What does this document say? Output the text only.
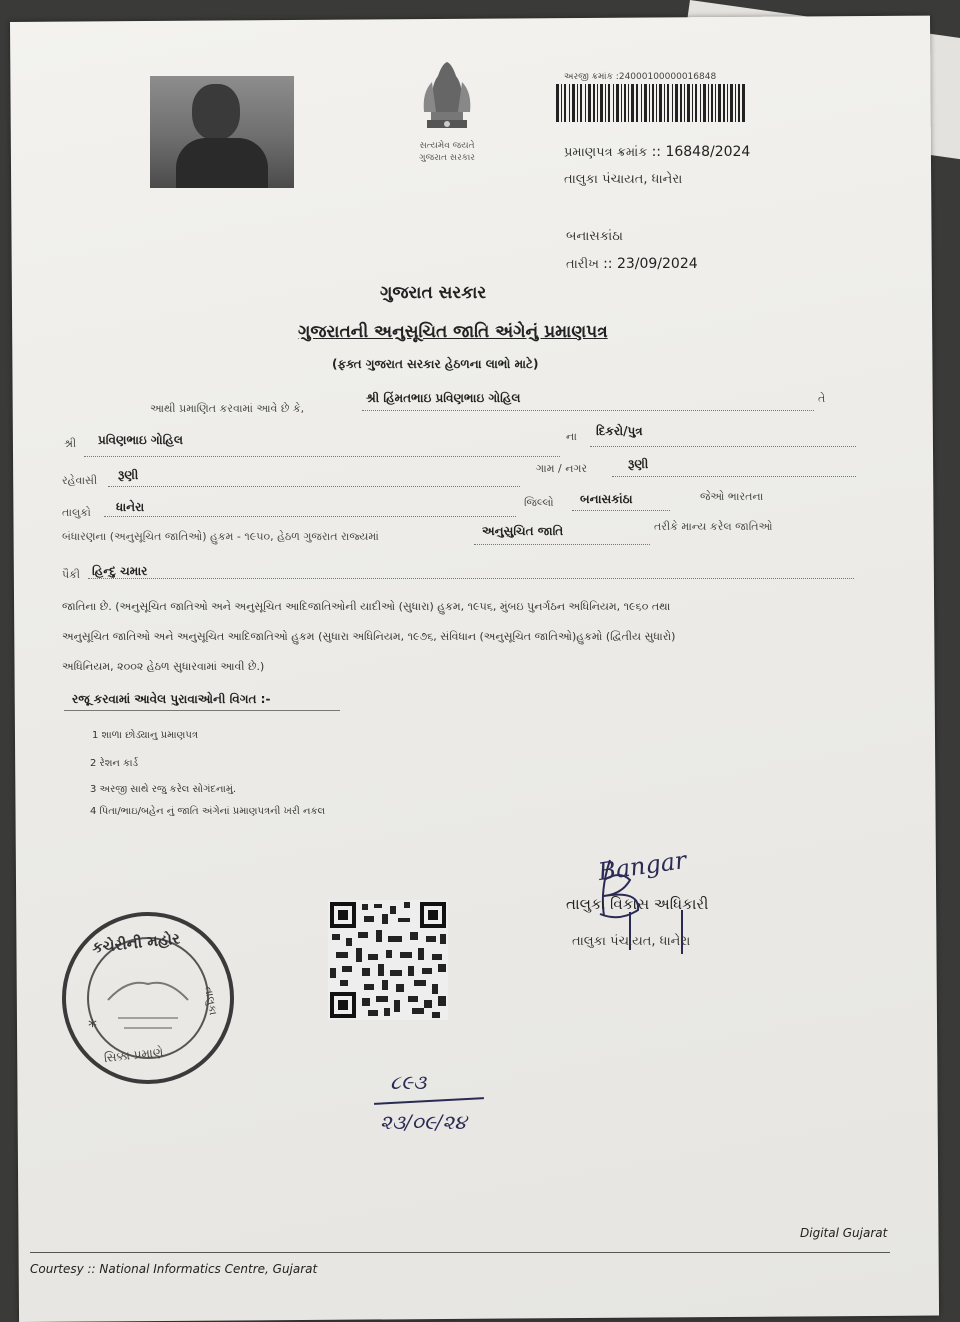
સત્યમેવ જયતે
ગુજરાત સરકાર
અરજી ક્રમાંક :24000100000016848
પ્રમાણપત્ર ક્રમાંક :: 16848/2024
તાલુકા પંચાયત, ધાનેરા
બનાસકાંઠા
તારીખ :: 23/09/2024
ગુજરાત સરકાર
ગુજરાતની અનુસૂચિત જાતિ અંગેનું પ્રમાણપત્ર
(ફક્ત ગુજરાત સરકાર હેઠળના લાભો માટે)
આથી પ્રમાણિત કરવામાં આવે છે કે,
શ્રી હિંમતભાઇ પ્રવિણભાઇ ગોહિલ	તે
શ્રી પ્રવિણભાઇ ગોહિલ	ના દિકરો/પુત્ર
રહેવાસી રૂણી	ગામ / નગર	રૂણી
તાલુકો ધાનેરા	જિલ્લો બનાસકાંઠા	જેઓ ભારતના
બંધારણના (અનુસૂચિત જાતિઓ) હુકમ - ૧૯૫૦, હેઠળ ગુજરાત રાજ્યમાં	અનુસુચિત જાતિ	તરીકે માન્ય કરેલ જાતિઓ
પૈકી હિન્દુ ચમાર
જાતિના છે. (અનુસૂચિત જાતિઓ અને અનુસૂચિત આદિજાતિઓની યાદીઓ (સુધારા) હુકમ, ૧૯૫૬, મુંબઇ પુનર્ગઠન અધિનિયમ, ૧૯૬૦ તથા
અનુસૂચિત જાતિઓ અને અનુસૂચિત આદિજાતિઓ હુકમ (સુધારા અધિનિયમ, ૧૯૭૬, સંવિધાન (અનુસૂચિત જાતિઓ)હુકમો (દ્વિતીય સુધારો)
અધિનિયમ, ૨૦૦૨ હેઠળ સુધારવામાં આવી છે.)
રજૂ કરવામાં આવેલ પુરાવાઓની વિગત :-
1 શાળા છોડ્યાનુ પ્રમાણપત્ર
2 રેશન કાર્ડ
3 અરજી સાથે રજુ કરેલ સોગંદનામું.
4 પિતા/ભાઇ/બહેન નું જાતિ અંગેનાં પ્રમાણપત્રની ખરી નકલ
Bangar
તાલુકા વિકાસ અધિકારી
તાલુકા પંચાયત, ધાનેરા
*
કચેરીની મહોર
તાલુકા
સિક્કા પ્રમાણે
૮૯૩
૨૩/૦૯/૨૪
Digital Gujarat
Courtesy :: National Informatics Centre, Gujarat
